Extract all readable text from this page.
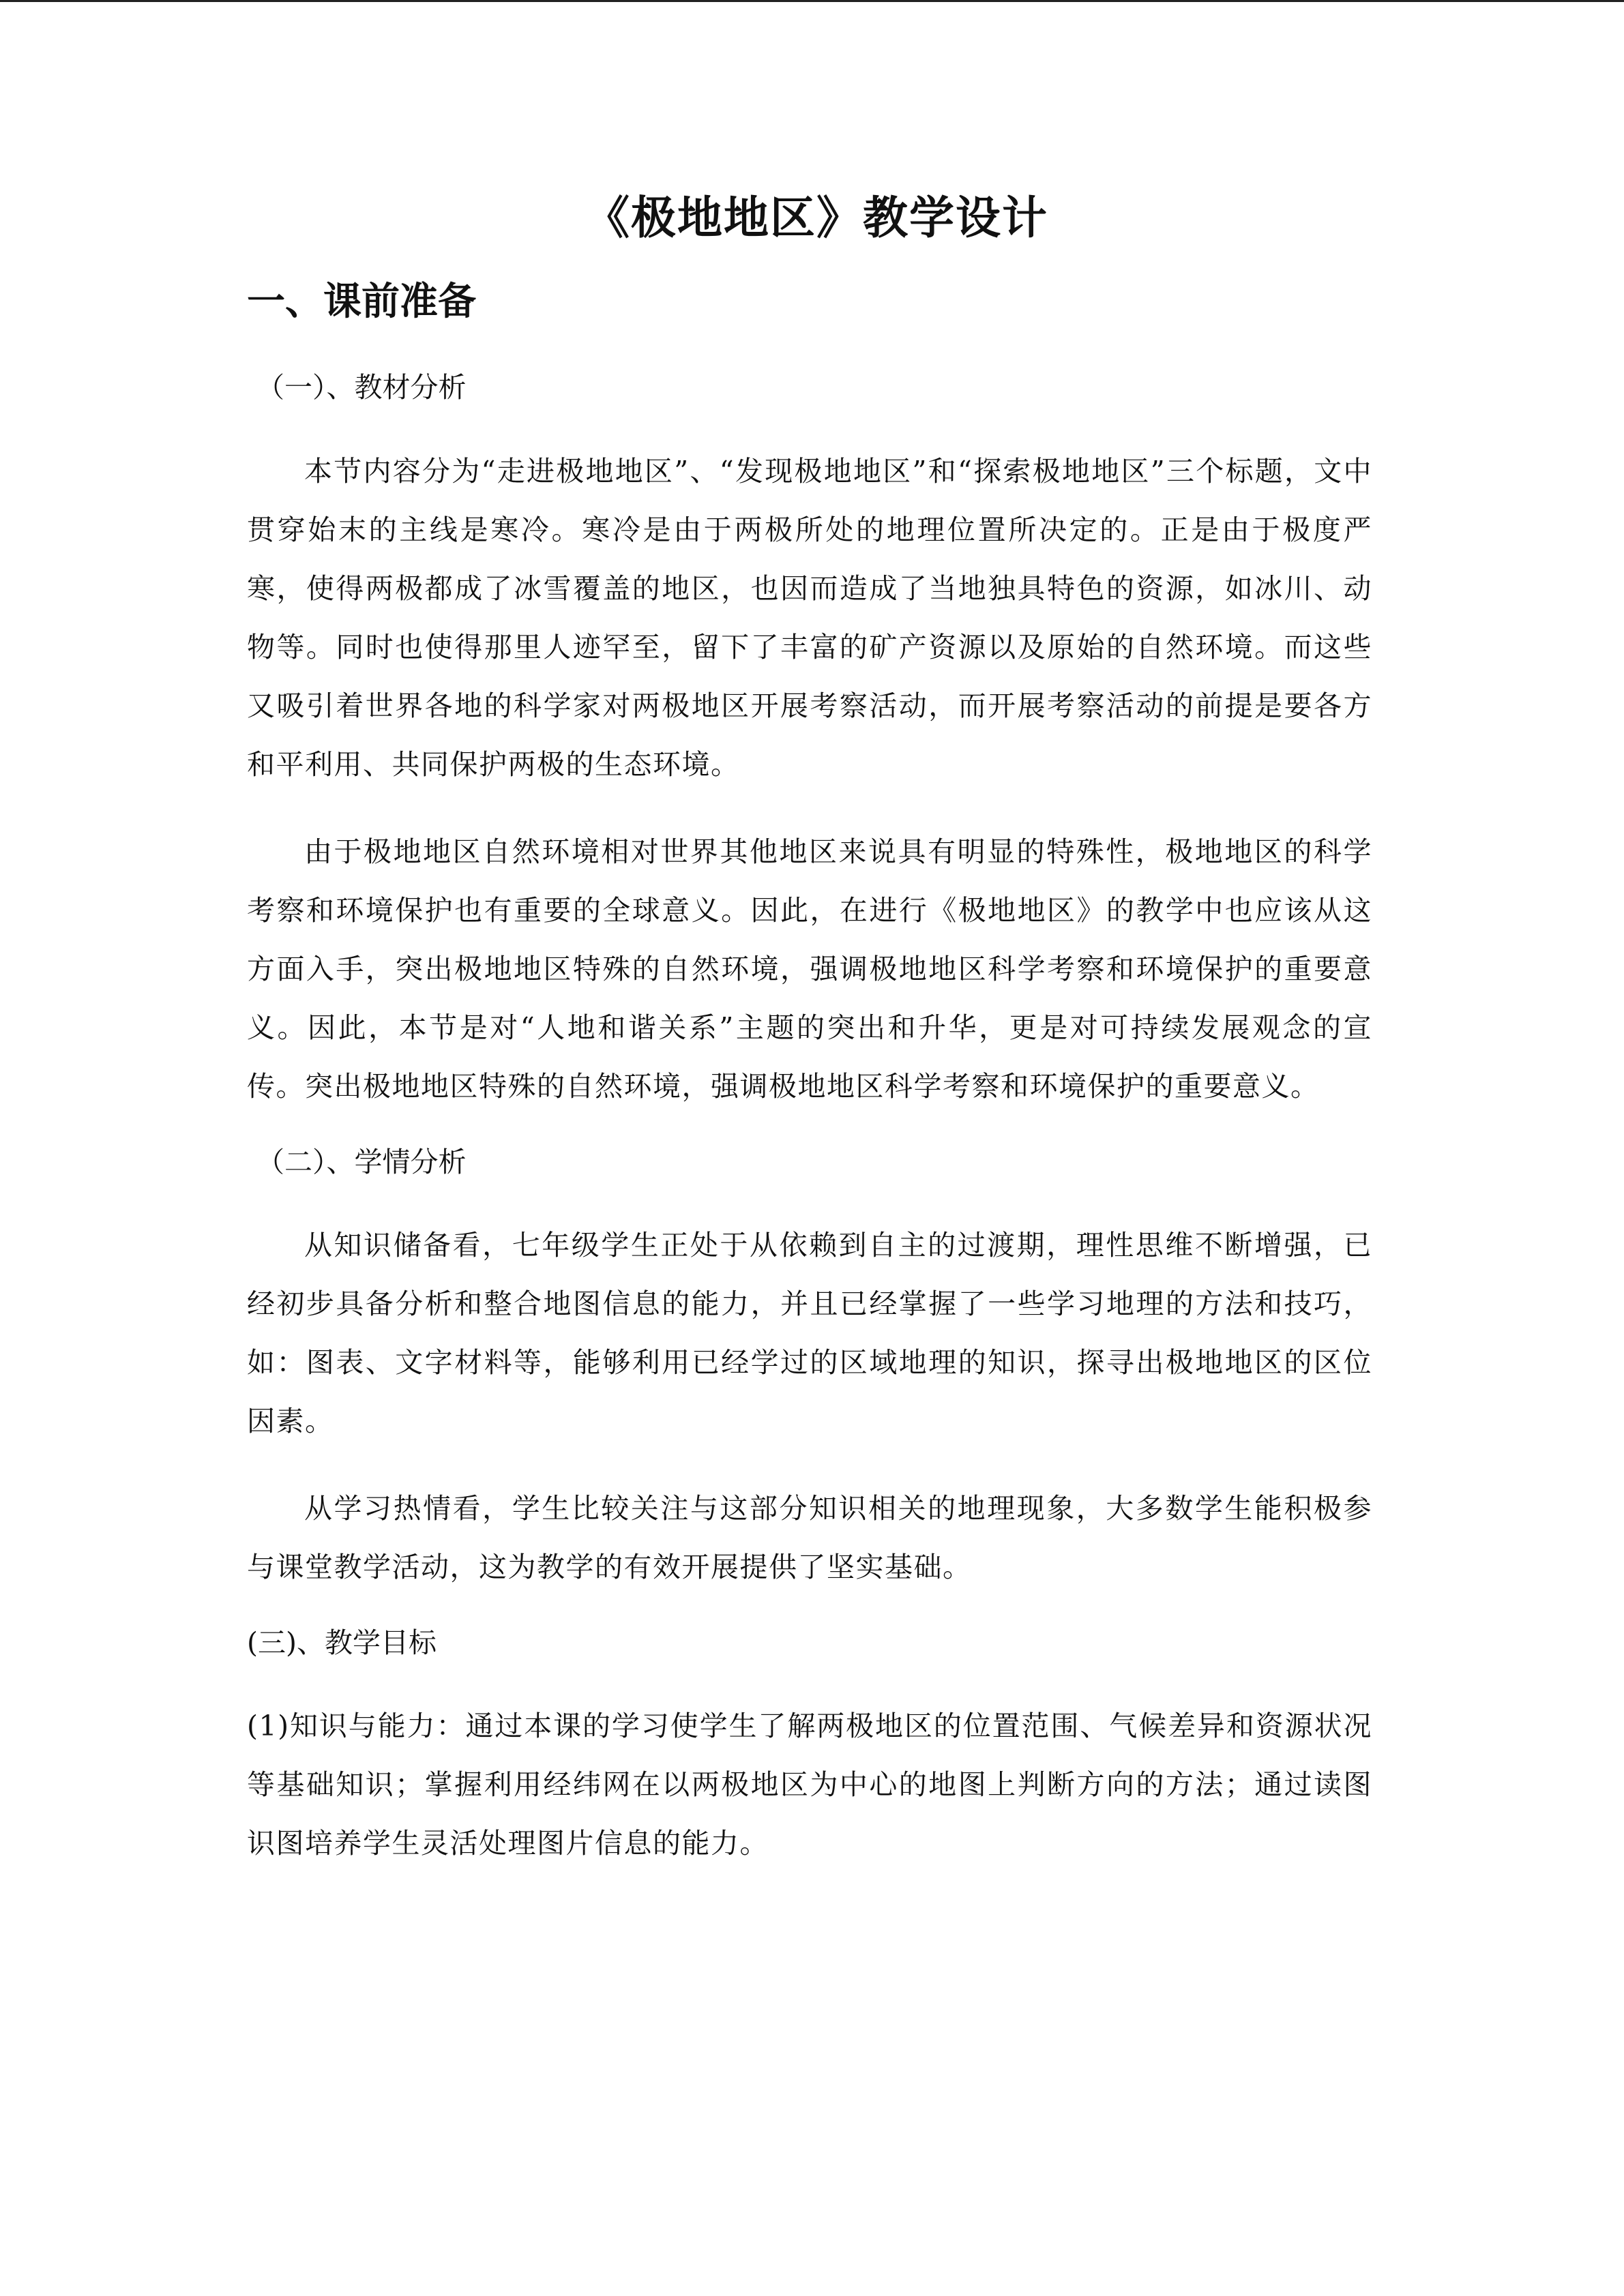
《极地地区》教学设计
一、课前准备
（一）、教材分析

本节内容分为“走进极地地区”、“发现极地地区”和“探索极地地区”三个标题，文中贯穿始末的主线是寒冷。寒冷是由于两极所处的地理位置所决定的。正是由于极度严寒，使得两极都成了冰雪覆盖的地区，也因而造成了当地独具特色的资源，如冰川、动物等。同时也使得那里人迹罕至，留下了丰富的矿产资源以及原始的自然环境。而这些又吸引着世界各地的科学家对两极地区开展考察活动，而开展考察活动的前提是要各方和平利用、共同保护两极的生态环境。

由于极地地区自然环境相对世界其他地区来说具有明显的特殊性，极地地区的科学考察和环境保护也有重要的全球意义。因此，在进行《极地地区》的教学中也应该从这方面入手，突出极地地区特殊的自然环境，强调极地地区科学考察和环境保护的重要意义。因此，本节是对“人地和谐关系”主题的突出和升华，更是对可持续发展观念的宣传。突出极地地区特殊的自然环境，强调极地地区科学考察和环境保护的重要意义。

（二）、学情分析

从知识储备看，七年级学生正处于从依赖到自主的过渡期，理性思维不断增强，已经初步具备分析和整合地图信息的能力，并且已经掌握了一些学习地理的方法和技巧，如：图表、文字材料等，能够利用已经学过的区域地理的知识，探寻出极地地区的区位因素。

从学习热情看，学生比较关注与这部分知识相关的地理现象，大多数学生能积极参与课堂教学活动，这为教学的有效开展提供了坚实基础。

(三)、教学目标

(1)知识与能力：通过本课的学习使学生了解两极地区的位置范围、气候差异和资源状况等基础知识；掌握利用经纬网在以两极地区为中心的地图上判断方向的方法；通过读图识图培养学生灵活处理图片信息的能力。
